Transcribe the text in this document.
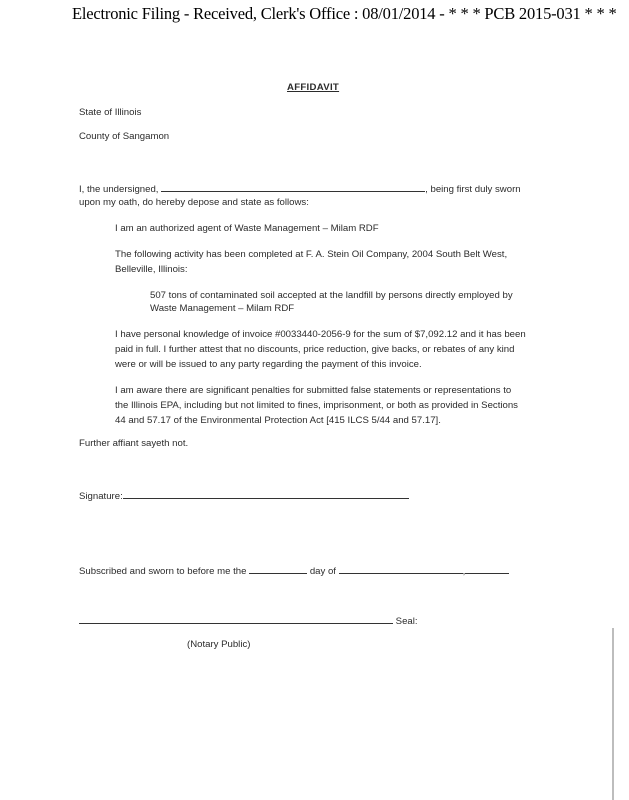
Electronic Filing - Received, Clerk's Office : 08/01/2014 - * * * PCB 2015-031 * * *
AFFIDAVIT
State of Illinois
County of Sangamon
I, the undersigned,	, being first duly sworn
upon my oath, do hereby depose and state as follows:
I am an authorized agent of Waste Management – Milam RDF
The following activity has been completed at F. A. Stein Oil Company, 2004 South Belt West,
Belleville, Illinois:
507 tons of contaminated soil accepted at the landfill by persons directly employed by
Waste Management – Milam RDF
I have personal knowledge of invoice #0033440-2056-9 for the sum of $7,092.12 and it has been
paid in full. I further attest that no discounts, price reduction, give backs, or rebates of any kind
were or will be issued to any party regarding the payment of this invoice.
I am aware there are significant penalties for submitted false statements or representations to
the Illinois EPA, including but not limited to fines, imprisonment, or both as provided in Sections
44 and 57.17 of the Environmental Protection Act [415 ILCS 5/44 and 57.17].
Further affiant sayeth not.
Signature:
Subscribed and sworn to before me the	day of	,
Seal:
(Notary Public)
